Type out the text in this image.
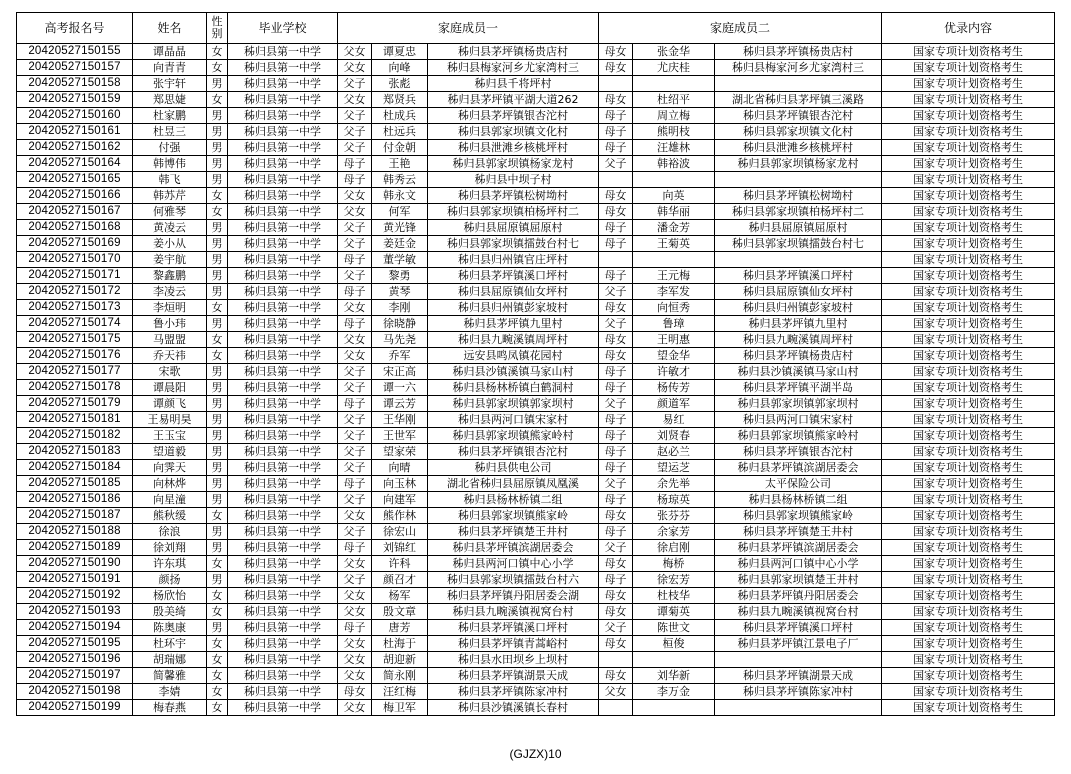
高考报名号	姓名	性别	毕业学校	家庭成员一			家庭成员二			优录内容
20420527150155	谭晶晶	女	秭归县第一中学	父女	谭夏忠	秭归县茅坪镇杨贵店村	母女	张金华	秭归县茅坪镇杨贵店村	国家专项计划资格考生
20420527150157	向青青	女	秭归县第一中学	父女	向峰	秭归县梅家河乡尤家湾村三	母女	尤庆桂	秭归县梅家河乡尤家湾村三	国家专项计划资格考生
20420527150158	张宇轩	男	秭归县第一中学	父子	张彪	秭归县千将坪村				国家专项计划资格考生
20420527150159	郑思婕	女	秭归县第一中学	父女	郑贤兵	秭归县茅坪镇平湖大道262	母女	杜绍平	湖北省秭归县茅坪镇三溪路	国家专项计划资格考生
20420527150160	杜家鹏	男	秭归县第一中学	父子	杜成兵	秭归县茅坪镇银杏沱村	母子	周立梅	秭归县茅坪镇银杏沱村	国家专项计划资格考生
20420527150161	杜昱三	男	秭归县第一中学	父子	杜远兵	秭归县郭家坝镇文化村	母子	熊明枝	秭归县郭家坝镇文化村	国家专项计划资格考生
20420527150162	付强	男	秭归县第一中学	父子	付金朝	秭归县泄滩乡核桃坪村	母子	汪雄林	秭归县泄滩乡核桃坪村	国家专项计划资格考生
20420527150164	韩博伟	男	秭归县第一中学	母子	王艳	秭归县郭家坝镇杨家龙村	父子	韩裕波	秭归县郭家坝镇杨家龙村	国家专项计划资格考生
20420527150165	韩飞	男	秭归县第一中学	母子	韩秀云	秭归县中坝子村				国家专项计划资格考生
20420527150166	韩苏芹	女	秭归县第一中学	父女	韩永文	秭归县茅坪镇松树坳村	母女	向英	秭归县茅坪镇松树坳村	国家专项计划资格考生
20420527150167	何雅琴	女	秭归县第一中学	父女	何军	秭归县郭家坝镇柏杨坪村二	母女	韩华丽	秭归县郭家坝镇柏杨坪村二	国家专项计划资格考生
20420527150168	黄凌云	男	秭归县第一中学	父子	黄光锋	秭归县屈原镇屈原村	母子	潘金芳	秭归县屈原镇屈原村	国家专项计划资格考生
20420527150169	姜小从	男	秭归县第一中学	父子	姜廷金	秭归县郭家坝镇擂鼓台村七	母子	王菊英	秭归县郭家坝镇擂鼓台村七	国家专项计划资格考生
20420527150170	姜宇航	男	秭归县第一中学	母子	董学敏	秭归县归州镇官庄坪村				国家专项计划资格考生
20420527150171	黎鑫鹏	男	秭归县第一中学	父子	黎勇	秭归县茅坪镇溪口坪村	母子	王元梅	秭归县茅坪镇溪口坪村	国家专项计划资格考生
20420527150172	李凌云	男	秭归县第一中学	母子	黄琴	秭归县屈原镇仙女坪村	父子	李军发	秭归县屈原镇仙女坪村	国家专项计划资格考生
20420527150173	李烜明	女	秭归县第一中学	父女	李刚	秭归县归州镇彭家坡村	母女	向恒秀	秭归县归州镇彭家坡村	国家专项计划资格考生
20420527150174	鲁小玮	男	秭归县第一中学	母子	徐晓静	秭归县茅坪镇九里村	父子	鲁璋	秭归县茅坪镇九里村	国家专项计划资格考生
20420527150175	马盟盟	女	秭归县第一中学	父女	马先尧	秭归县九畹溪镇周坪村	母女	王明惠	秭归县九畹溪镇周坪村	国家专项计划资格考生
20420527150176	乔天祎	女	秭归县第一中学	父女	乔军	远安县鸣凤镇花园村	母女	望金华	秭归县茅坪镇杨贵店村	国家专项计划资格考生
20420527150177	宋歌	男	秭归县第一中学	父子	宋正高	秭归县沙镇溪镇马家山村	母子	许敏才	秭归县沙镇溪镇马家山村	国家专项计划资格考生
20420527150178	谭晨阳	男	秭归县第一中学	父子	谭一六	秭归县杨林桥镇白鹤洞村	母子	杨传芳	秭归县茅坪镇平湖半岛	国家专项计划资格考生
20420527150179	谭颜飞	男	秭归县第一中学	母子	谭云芳	秭归县郭家坝镇郭家坝村	父子	颜道军	秭归县郭家坝镇郭家坝村	国家专项计划资格考生
20420527150181	王易明昊	男	秭归县第一中学	父子	王华刚	秭归县两河口镇宋家村	母子	易红	秭归县两河口镇宋家村	国家专项计划资格考生
20420527150182	王玉宝	男	秭归县第一中学	父子	王世军	秭归县郭家坝镇熊家岭村	母子	刘贤春	秭归县郭家坝镇熊家岭村	国家专项计划资格考生
20420527150183	望道毅	男	秭归县第一中学	父子	望家荣	秭归县茅坪镇银杏沱村	母子	赵必兰	秭归县茅坪镇银杏沱村	国家专项计划资格考生
20420527150184	向霁天	男	秭归县第一中学	父子	向晴	秭归县供电公司	母子	望运芝	秭归县茅坪镇滨湖居委会	国家专项计划资格考生
20420527150185	向林烨	男	秭归县第一中学	母子	向玉林	湖北省秭归县屈原镇凤凰溪	父子	余先举	太平保险公司	国家专项计划资格考生
20420527150186	向星潼	男	秭归县第一中学	父子	向建军	秭归县杨林桥镇二组	母子	杨琼英	秭归县杨林桥镇二组	国家专项计划资格考生
20420527150187	熊秋缓	女	秭归县第一中学	父女	熊作林	秭归县郭家坝镇熊家岭	母女	张芬芬	秭归县郭家坝镇熊家岭	国家专项计划资格考生
20420527150188	徐浪	男	秭归县第一中学	父子	徐宏山	秭归县茅坪镇楚王井村	母子	余家芳	秭归县茅坪镇楚王井村	国家专项计划资格考生
20420527150189	徐刘翔	男	秭归县第一中学	母子	刘锦红	秭归县茅坪镇滨湖居委会	父子	徐启刚	秭归县茅坪镇滨湖居委会	国家专项计划资格考生
20420527150190	许东琪	女	秭归县第一中学	父女	许科	秭归县两河口镇中心小学	母女	梅桥	秭归县两河口镇中心小学	国家专项计划资格考生
20420527150191	颜扬	男	秭归县第一中学	父子	颜召才	秭归县郭家坝镇擂鼓台村六	母子	徐宏芳	秭归县郭家坝镇楚王井村	国家专项计划资格考生
20420527150192	杨欣怡	女	秭归县第一中学	父女	杨军	秭归县茅坪镇丹阳居委会湖	母女	杜枝华	秭归县茅坪镇丹阳居委会	国家专项计划资格考生
20420527150193	殷美绮	女	秭归县第一中学	父女	殷文章	秭归县九畹溪镇视窝台村	母女	谭菊英	秭归县九畹溪镇视窝台村	国家专项计划资格考生
20420527150194	陈奥康	男	秭归县第一中学	母子	唐芳	秭归县茅坪镇溪口坪村	父子	陈世文	秭归县茅坪镇溪口坪村	国家专项计划资格考生
20420527150195	杜环宇	女	秭归县第一中学	父女	杜海于	秭归县茅坪镇青蒿峪村	母女	桓俊	秭归县茅坪镇江景电子厂	国家专项计划资格考生
20420527150196	胡瑞娜	女	秭归县第一中学	父女	胡迎新	秭归县水田坝乡上坝村				国家专项计划资格考生
20420527150197	简馨雅	女	秭归县第一中学	父女	简永刚	秭归县茅坪镇湖景天成	母女	刘华新	秭归县茅坪镇湖景天成	国家专项计划资格考生
20420527150198	李婧	女	秭归县第一中学	母女	汪红梅	秭归县茅坪镇陈家冲村	父女	李万金	秭归县茅坪镇陈家冲村	国家专项计划资格考生
20420527150199	梅春燕	女	秭归县第一中学	父女	梅卫军	秭归县沙镇溪镇长春村				国家专项计划资格考生
(GJZX)10
